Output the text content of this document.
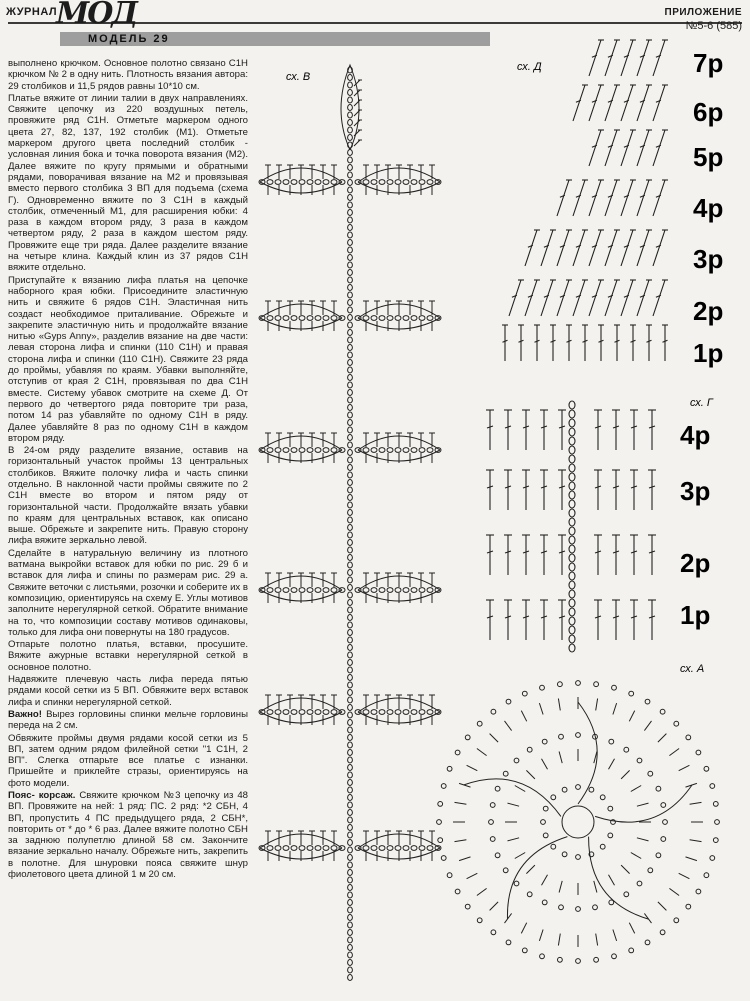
ЖУРНАЛ
МОД
МОДЕЛЬ 29
ПРИЛОЖЕНИЕ
№5-6 (585)

выполнено крючком. Основное полотно связано С1Н крючком № 2 в одну нить. Плотность вязания автора: 29 столбиков и 11,5 рядов равны 10*10 см.

Платье вяжите от линии талии в двух направлениях. Свяжите цепочку из 220 воздушных петель, провяжите ряд С1Н. Отметьте маркером одного цвета 27, 82, 137, 192 столбик (М1). Отметьте маркером другого цвета последний столбик - условная линия бока и точка поворота вязания (М2). Далее вяжите по кругу прямыми и обратными рядами, поворачивая вязание на М2 и провязывая вместо первого столбика 3 ВП для подъема (схема Г). Одновременно вяжите по 3 С1Н в каждый столбик, отмеченный М1, для расширения юбки: 4 раза в каждом втором ряду, 3 раза в каждом четвертом ряду, 2 раза в каждом шестом ряду. Провяжите еще три ряда. Далее разделите вязание на четыре клина. Каждый клин из 37 рядов С1Н вяжите отдельно.

Приступайте к вязанию лифа платья на цепочке наборного края юбки. Присоедините эластичную нить и свяжите 6 рядов С1Н. Эластичная нить создаст необходимое приталивание. Обрежьте и закрепите эластичную нить и продолжайте вязание нитью «Gyps Anny», разделив вязание на две части: левая сторона лифа и спинки (110 С1Н) и правая сторона лифа и спинки (110 С1Н). Свяжите 23 ряда до проймы, убавляя по краям. Убавки выполняйте, отступив от края 2 С1Н, провязывая по два С1Н вместе. Систему убавок смотрите на схеме Д. От первого до четвертого ряда повторите три раза, потом 14 раз убавляйте по одному С1Н в ряду. Далее убавляйте 8 раз по одному С1Н в каждом втором ряду.

В 24-ом ряду разделите вязание, оставив на горизонтальный участок проймы 13 центральных столбиков. Вяжите полочку лифа и часть спинки отдельно. В наклонной части проймы свяжите по 2 С1Н вместе во втором и пятом ряду от горизонтальной части. Продолжайте вязать убавки по краям для центральных вставок, как описано выше. Обрежьте и закрепите нить. Правую сторону лифа вяжите зеркально левой.

Сделайте в натуральную величину из плотного ватмана выкройки вставок для юбки по рис. 29 б и вставок для лифа и спины по размерам рис. 29 а. Свяжите веточки с листьями, розочки и соберите их в композицию, ориентируясь на схему Е. Углы мотивов заполните нерегулярной сеткой. Обратите внимание на то, что композиции составу мотивов одинаковы, только для лифа они повернуты на 180 градусов.

Отпарьте полотно платья, вставки, просушите. Вяжите ажурные вставки нерегулярной сеткой в основное полотно.

Надвяжите плечевую часть лифа переда пятью рядами косой сетки из 5 ВП. Обвяжите верх вставок лифа и спинки нерегулярной сеткой.

Важно! Вырез горловины спинки мельче горловины переда на 2 см.

Обвяжите проймы двумя рядами косой сетки из 5 ВП, затем одним рядом филейной сетки "1 С1Н, 2 ВП". Слегка отпарьте все платье с изнанки. Пришейте и приклейте стразы, ориентируясь на фото модели.

Пояс- корсаж. Свяжите крючком №3 цепочку из 48 ВП. Провяжите на ней: 1 ряд: ПС. 2 ряд: *2 СБН, 4 ВП, пропустить 4 ПС предыдущего ряда, 2 СБН*, повторить от * до * 6 раз. Далее вяжите полотно СБН за заднюю полупетлю длиной 58 см. Закончите вязание зеркально началу. Обрежьте нить, закрепить в полотне. Для шнуровки пояса свяжите шнур фиолетового цвета длиной 1 м 20 см.

сх. В
сх. Д	7р
6р
5р
4р
3р
2р
1р
сх. Г
4р
3р
2р
1р
сх. А
